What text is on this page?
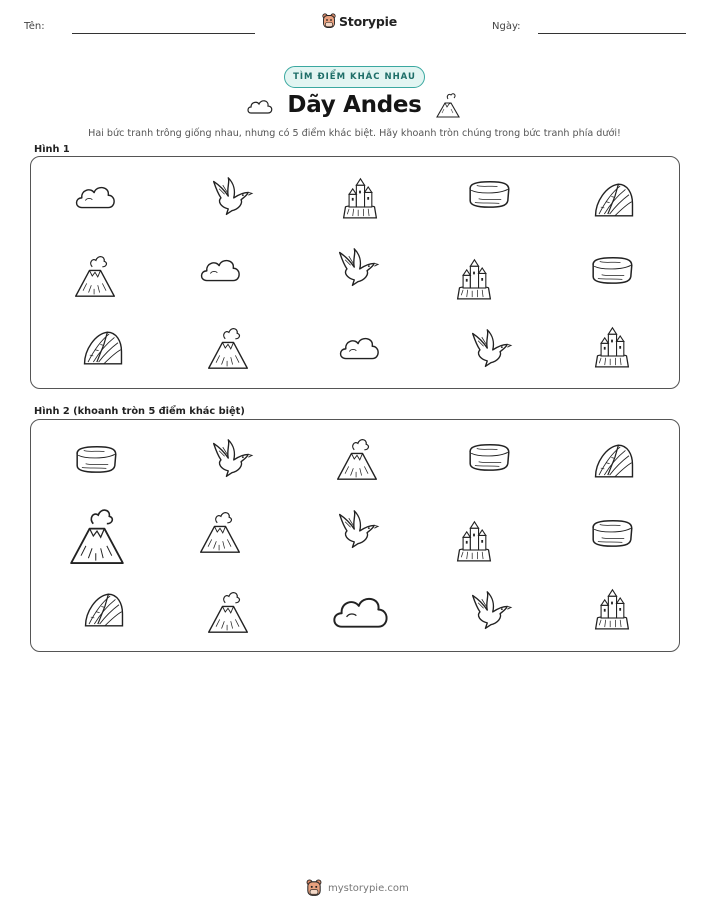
Tên:	Storypie	Ngày:
TÌM ĐIỂM KHÁC NHAU
Dãy Andes
Hai bức tranh trông giống nhau, nhưng có 5 điểm khác biệt. Hãy khoanh tròn chúng trong bức tranh phía dưới!
Hình 1
Hình 2 (khoanh tròn 5 điểm khác biệt)
mystorypie.com
